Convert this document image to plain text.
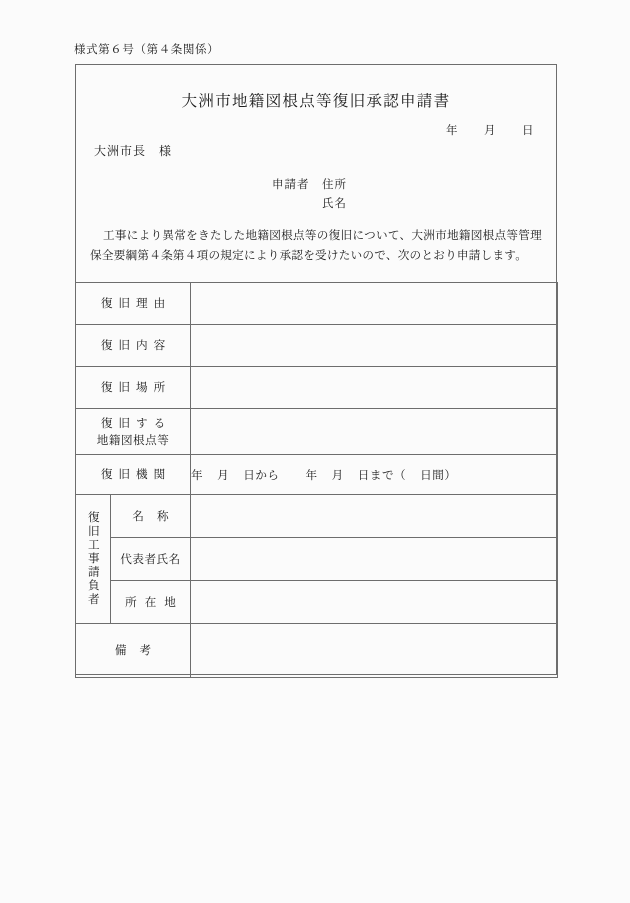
様式第６号（第４条関係）
大洲市地籍図根点等復旧承認申請書
年 月 日
大洲市長　様
申請者　住所
氏名
工事により異常をきたした地籍図根点等の復旧について、大洲市地籍図根点等管理保全要綱第４条第４項の規定により承認を受けたいので、次のとおり申請します。
復旧理由		
復旧内容		
復旧場所		

復旧する
地籍図根点等		

復旧機関		年 月 日から 年 月 日まで（ 日間）

復旧工事請負者	名称	
	代表者氏名	
	所在地	
備考		
